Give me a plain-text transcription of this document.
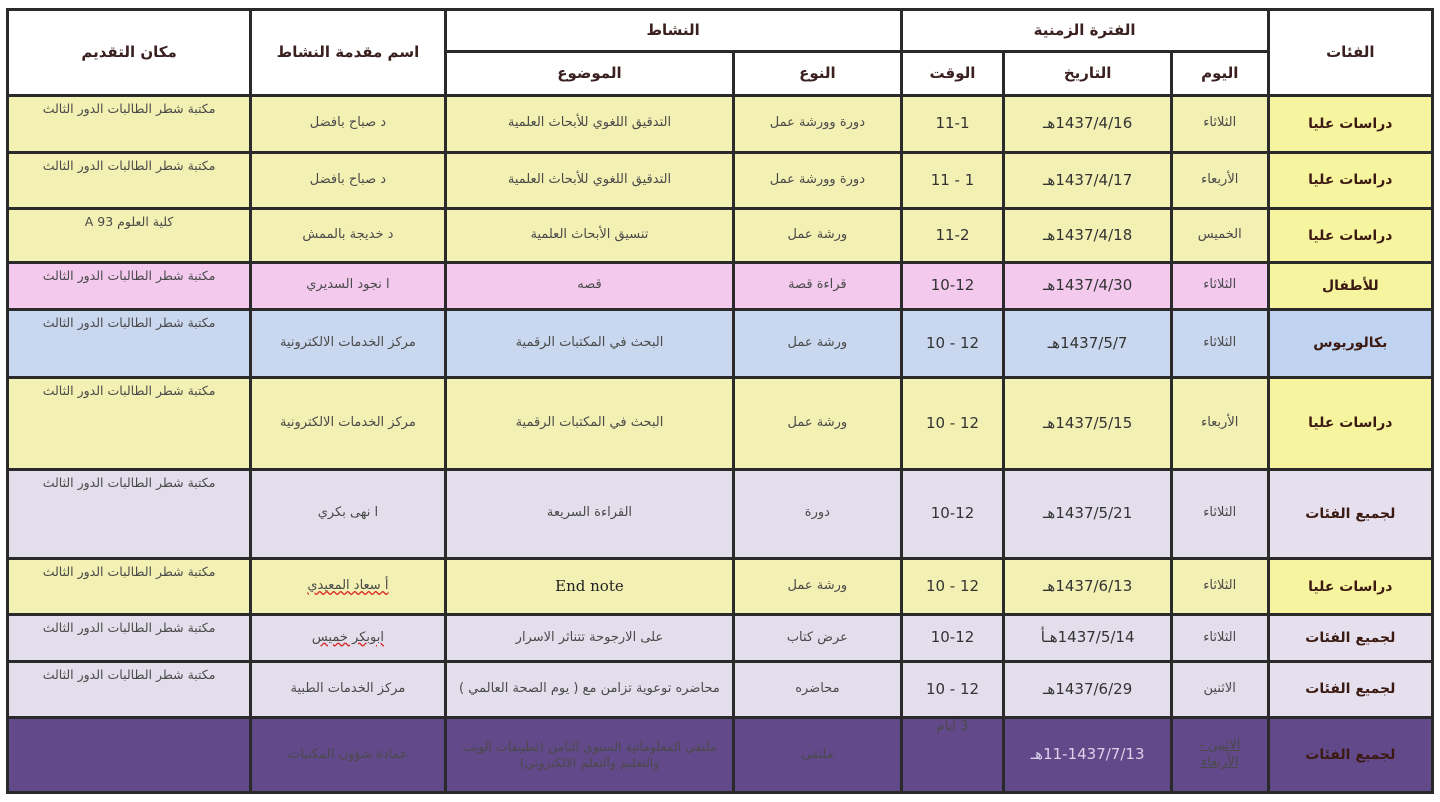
الفئات	الفترة الزمنية			النشاط		اسم مقدمة النشاط	مكان التقديم
	اليوم	التاريخ	الوقت	النوع	الموضوع		
دراسات عليا	الثلاثاء	1437/4/16هـ	11-1	دورة وورشة عمل	التدقيق اللغوي للأبحاث العلمية	د صباح بافضل	مكتبة شطر الطالبات الدور الثالث
دراسات عليا	الأربعاء	1437/4/17هـ	11 - 1	دورة وورشة عمل	التدقيق اللغوي للأبحاث العلمية	د صباح بافضل	مكتبة شطر الطالبات الدور الثالث
دراسات عليا	الخميس	1437/4/18هـ	11-2	ورشة عمل	تنسيق الأبحاث العلمية	د خديجة بالممش	كلية العلوم 93 A
للأطفال	الثلاثاء	1437/4/30هـ	10-12	قراءة قصة	قصه	ا نجود السديري	مكتبة شطر الطالبات الدور الثالث
بكالوريوس	الثلاثاء	1437/5/7هـ	10 - 12	ورشة عمل	البحث في المكتبات الرقمية	مركز الخدمات الالكترونية	مكتبة شطر الطالبات الدور الثالث
دراسات عليا	الأربعاء	1437/5/15هـ	10 - 12	ورشة عمل	البحث في المكتبات الرقمية	مركز الخدمات الالكترونية	مكتبة شطر الطالبات الدور الثالث
لجميع الفئات	الثلاثاء	1437/5/21هـ	10-12	دورة	القراءة السريعة	ا نهى بكري	مكتبة شطر الطالبات الدور الثالث
دراسات عليا	الثلاثاء	1437/6/13هـ	10 - 12	ورشة عمل	End note	أ سعاد المعيدي	مكتبة شطر الطالبات الدور الثالث
لجميع الفئات	الثلاثاء	1437/5/14هـأ	10-12	عرض كتاب	على الارجوحة تتناثر الاسرار	ابوبكر خميس	مكتبة شطر الطالبات الدور الثالث
لجميع الفئات	الاثنين	1437/6/29هـ	10 - 12	محاضره	محاضره توعوية تزامن مع ( يوم الصحة العالمي )	مركز الخدمات الطبية	مكتبة شطر الطالبات الدور الثالث
لجميع الفئات	الاثنين - الأربعاء	11-1437/7/13هـ	3 أيام	ملتقى	ملتقى المعلوماتية السنوي الثامن (تطبيقات الويب والتعليم والتعلم الالكتروني)	عمادة شؤون المكتبات	
